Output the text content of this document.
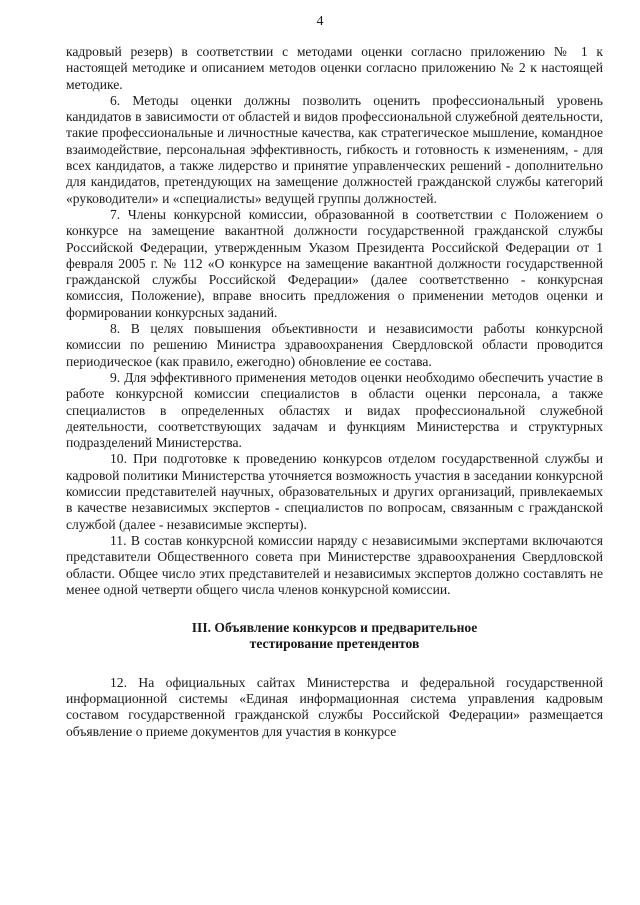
4

кадровый резерв) в соответствии с методами оценки согласно приложению № 1 к настоящей методике и описанием методов оценки согласно приложению № 2 к настоящей методике.

6. Методы оценки должны позволить оценить профессиональный уровень кандидатов в зависимости от областей и видов профессиональной служебной деятельности, такие профессиональные и личностные качества, как стратегическое мышление, командное взаимодействие, персональная эффективность, гибкость и готовность к изменениям, - для всех кандидатов, а также лидерство и принятие управленческих решений - дополнительно для кандидатов, претендующих на замещение должностей гражданской службы категорий «руководители» и «специалисты» ведущей группы должностей.

7. Члены конкурсной комиссии, образованной в соответствии с Положением о конкурсе на замещение вакантной должности государственной гражданской службы Российской Федерации, утвержденным Указом Президента Российской Федерации от 1 февраля 2005 г. № 112 «О конкурсе на замещение вакантной должности государственной гражданской службы Российской Федерации» (далее соответственно - конкурсная комиссия, Положение), вправе вносить предложения о применении методов оценки и формировании конкурсных заданий.

8. В целях повышения объективности и независимости работы конкурсной комиссии по решению Министра здравоохранения Свердловской области проводится периодическое (как правило, ежегодно) обновление ее состава.

9. Для эффективного применения методов оценки необходимо обеспечить участие в работе конкурсной комиссии специалистов в области оценки персонала, а также специалистов в определенных областях и видах профессиональной служебной деятельности, соответствующих задачам и функциям Министерства и структурных подразделений Министерства.

10. При подготовке к проведению конкурсов отделом государственной службы и кадровой политики Министерства уточняется возможность участия в заседании конкурсной комиссии представителей научных, образовательных и других организаций, привлекаемых в качестве независимых экспертов - специалистов по вопросам, связанным с гражданской службой (далее - независимые эксперты).

11. В состав конкурсной комиссии наряду с независимыми экспертами включаются представители Общественного совета при Министерстве здравоохранения Свердловской области. Общее число этих представителей и независимых экспертов должно составлять не менее одной четверти общего числа членов конкурсной комиссии.

III. Объявление конкурсов и предварительное
тестирование претендентов

12. На официальных сайтах Министерства и федеральной государственной информационной системы «Единая информационная система управления кадровым составом государственной гражданской службы Российской Федерации» размещается объявление о приеме документов для участия в конкурсе
